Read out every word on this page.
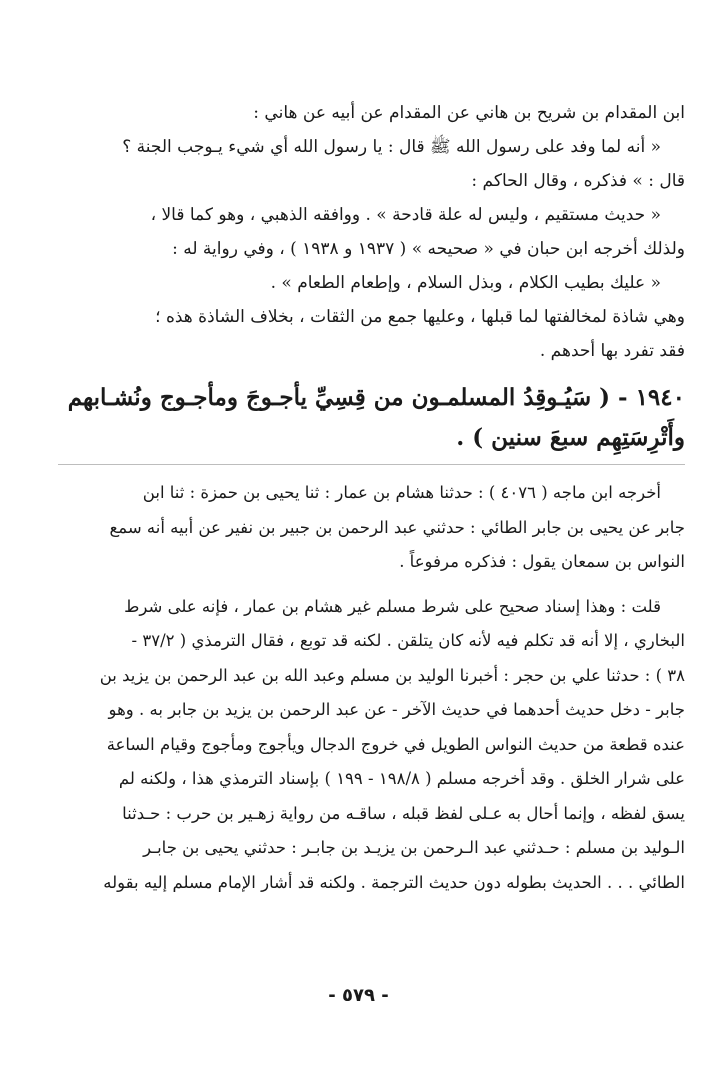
ابن المقدام بن شريح بن هاني عن المقدام عن أبيه عن هاني :
« أنه لما وفد على رسول الله ﷺ قال : يا رسول الله أي شيء يـوجب الجنة ؟
قال : » فذكره ، وقال الحاكم :
« حديث مستقيم ، وليس له علة قادحة » . ووافقه الذهبي ، وهو كما قالا ،
ولذلك أخرجه ابن حبان في « صحيحه » ( ١٩٣٧ و ١٩٣٨ ) ، وفي رواية له :
« عليك بطيب الكلام ، وبذل السلام ، وإطعام الطعام » .
وهي شاذة لمخالفتها لما قبلها ، وعليها جمع من الثقات ، بخلاف الشاذة هذه ؛
فقد تفرد بها أحدهم .
١٩٤٠ - ( سَيُـوقِدُ المسلمـون من قِسِيِّ يأجـوجَ ومأجـوج ونُشـابهم
وأَتْرِسَتِهِم سبعَ سنين ) .
أخرجه ابن ماجه ( ٤٠٧٦ ) : حدثنا هشام بن عمار : ثنا يحيى بن حمزة : ثنا ابن
جابر عن يحيى بن جابر الطائي : حدثني عبد الرحمن بن جبير بن نفير عن أبيه أنه سمع
النواس بن سمعان يقول : فذكره مرفوعاً .
قلت : وهذا إسناد صحيح على شرط مسلم غير هشام بن عمار ، فإنه على شرط
البخاري ، إلا أنه قد تكلم فيه لأنه كان يتلقن . لكنه قد توبع ، فقال الترمذي ( ٣٧/٢ -
٣٨ ) : حدثنا علي بن حجر : أخبرنا الوليد بن مسلم وعبد الله بن عبد الرحمن بن يزيد بن
جابر - دخل حديث أحدهما في حديث الآخر - عن عبد الرحمن بن يزيد بن جابر به . وهو
عنده قطعة من حديث النواس الطويل في خروج الدجال ويأجوج ومأجوج وقيام الساعة
على شرار الخلق . وقد أخرجه مسلم ( ١٩٨/٨ - ١٩٩ ) بإسناد الترمذي هذا ، ولكنه لم
يسق لفظه ، وإنما أحال به عـلى لفظ قبله ، ساقـه من رواية زهـير بن حرب : حـدثنا
الـوليد بن مسلم : حـدثني عبد الـرحمن بن يزيـد بن جابـر : حدثني يحيى بن جابـر
الطائي . . . الحديث بطوله دون حديث الترجمة . ولكنه قد أشار الإمام مسلم إليه بقوله
- ٥٧٩ -
